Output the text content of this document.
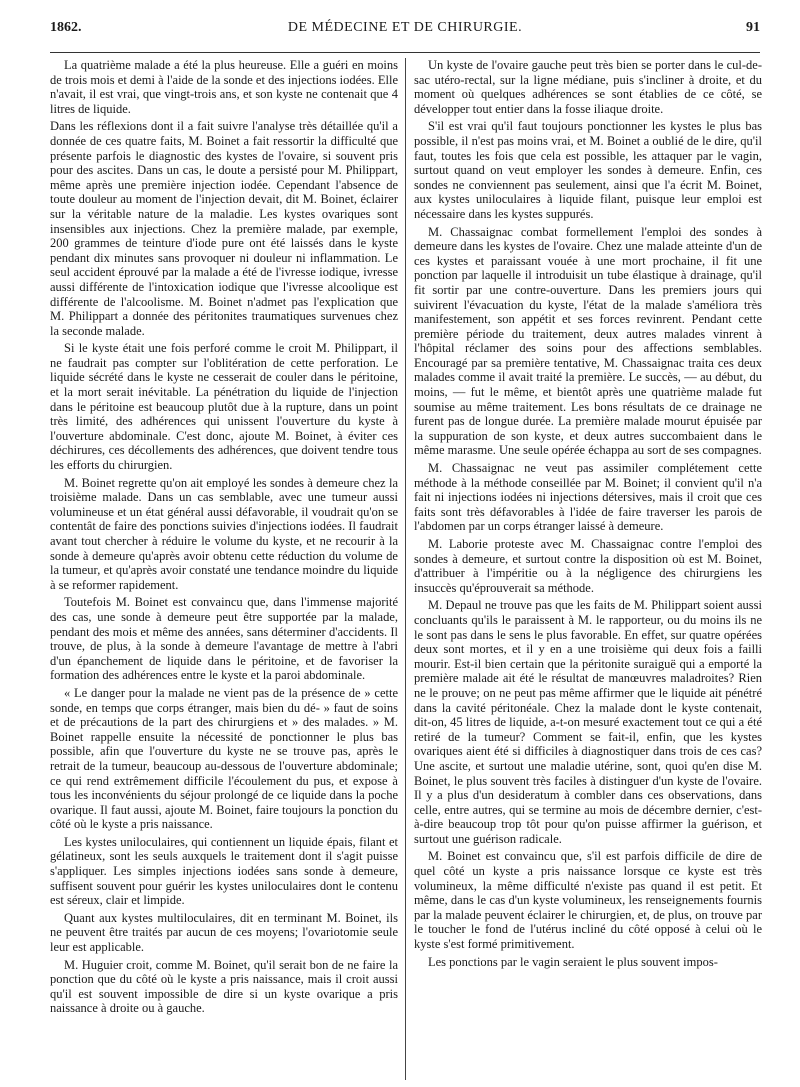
1862.	DE MÉDECINE ET DE CHIRURGIE.	91

La quatrième malade a été la plus heureuse. Elle a guéri en moins de trois mois et demi à l'aide de la sonde et des injections iodées. Elle n'avait, il est vrai, que vingt-trois ans, et son kyste ne contenait que 4 litres de liquide.

Dans les réflexions dont il a fait suivre l'analyse très détaillée qu'il a donnée de ces quatre faits, M. Boinet a fait ressortir la difficulté que présente parfois le diagnostic des kystes de l'ovaire, si souvent pris pour des ascites. Dans un cas, le doute a persisté pour M. Philippart, même après une première injection iodée. Cependant l'absence de toute douleur au moment de l'injection devait, dit M. Boinet, éclairer sur la véritable nature de la maladie. Les kystes ovariques sont insensibles aux injections. Chez la première malade, par exemple, 200 grammes de teinture d'iode pure ont été laissés dans le kyste pendant dix minutes sans provoquer ni douleur ni inflammation. Le seul accident éprouvé par la malade a été de l'ivresse iodique, ivresse aussi différente de l'intoxication iodique que l'ivresse alcoolique est différente de l'alcoolisme. M. Boinet n'admet pas l'explication que M. Philippart a donnée des péritonites traumatiques survenues chez la seconde malade.

Si le kyste était une fois perforé comme le croit M. Philippart, il ne faudrait pas compter sur l'oblitération de cette perforation. Le liquide sécrété dans le kyste ne cesserait de couler dans le péritoine, et la mort serait inévitable. La pénétration du liquide de l'injection dans le péritoine est beaucoup plutôt due à la rupture, dans un point très limité, des adhérences qui unissent l'ouverture du kyste à l'ouverture abdominale. C'est donc, ajoute M. Boinet, à éviter ces déchirures, ces décollements des adhérences, que doivent tendre tous les efforts du chirurgien.

M. Boinet regrette qu'on ait employé les sondes à demeure chez la troisième malade. Dans un cas semblable, avec une tumeur aussi volumineuse et un état général aussi défavorable, il voudrait qu'on se contentât de faire des ponctions suivies d'injections iodées. Il faudrait avant tout chercher à réduire le volume du kyste, et ne recourir à la sonde à demeure qu'après avoir obtenu cette réduction du volume de la tumeur, et qu'après avoir constaté une tendance moindre du liquide à se reformer rapidement.

Toutefois M. Boinet est convaincu que, dans l'immense majorité des cas, une sonde à demeure peut être supportée par la malade, pendant des mois et même des années, sans déterminer d'accidents. Il trouve, de plus, à la sonde à demeure l'avantage de mettre à l'abri d'un épanchement de liquide dans le péritoine, et de favoriser la formation des adhérences entre le kyste et la paroi abdominale.

« Le danger pour la malade ne vient pas de la présence de » cette sonde, en temps que corps étranger, mais bien du dé- » faut de soins et de précautions de la part des chirurgiens et » des malades. » M. Boinet rappelle ensuite la nécessité de ponctionner le plus bas possible, afin que l'ouverture du kyste ne se trouve pas, après le retrait de la tumeur, beaucoup au-dessous de l'ouverture abdominale; ce qui rend extrêmement difficile l'écoulement du pus, et expose à tous les inconvénients du séjour prolongé de ce liquide dans la poche ovarique. Il faut aussi, ajoute M. Boinet, faire toujours la ponction du côté où le kyste a pris naissance.

Les kystes uniloculaires, qui contiennent un liquide épais, filant et gélatineux, sont les seuls auxquels le traitement dont il s'agit puisse s'appliquer. Les simples injections iodées sans sonde à demeure, suffisent souvent pour guérir les kystes uniloculaires dont le contenu est séreux, clair et limpide.

Quant aux kystes multiloculaires, dit en terminant M. Boinet, ils ne peuvent être traités par aucun de ces moyens; l'ovariotomie seule leur est applicable.

M. Huguier croit, comme M. Boinet, qu'il serait bon de ne faire la ponction que du côté où le kyste a pris naissance, mais il croit aussi qu'il est souvent impossible de dire si un kyste ovarique a pris naissance à droite ou à gauche.

Un kyste de l'ovaire gauche peut très bien se porter dans le cul-de-sac utéro-rectal, sur la ligne médiane, puis s'incliner à droite, et du moment où quelques adhérences se sont établies de ce côté, se développer tout entier dans la fosse iliaque droite.

S'il est vrai qu'il faut toujours ponctionner les kystes le plus bas possible, il n'est pas moins vrai, et M. Boinet a oublié de le dire, qu'il faut, toutes les fois que cela est possible, les attaquer par le vagin, surtout quand on veut employer les sondes à demeure. Enfin, ces sondes ne conviennent pas seulement, ainsi que l'a écrit M. Boinet, aux kystes uniloculaires à liquide filant, puisque leur emploi est nécessaire dans les kystes suppurés.

M. Chassaignac combat formellement l'emploi des sondes à demeure dans les kystes de l'ovaire. Chez une malade atteinte d'un de ces kystes et paraissant vouée à une mort prochaine, il fit une ponction par laquelle il introduisit un tube élastique à drainage, qu'il fit sortir par une contre-ouverture. Dans les premiers jours qui suivirent l'évacuation du kyste, l'état de la malade s'améliora très manifestement, son appétit et ses forces revinrent. Pendant cette première période du traitement, deux autres malades vinrent à l'hôpital réclamer des soins pour des affections semblables. Encouragé par sa première tentative, M. Chassaignac traita ces deux malades comme il avait traité la première. Le succès, — au début, du moins, — fut le même, et bientôt après une quatrième malade fut soumise au même traitement. Les bons résultats de ce drainage ne furent pas de longue durée. La première malade mourut épuisée par la suppuration de son kyste, et deux autres succombaient dans le même marasme. Une seule opérée échappa au sort de ses compagnes.

M. Chassaignac ne veut pas assimiler complétement cette méthode à la méthode conseillée par M. Boinet; il convient qu'il n'a fait ni injections iodées ni injections détersives, mais il croit que ces faits sont très défavorables à l'idée de faire traverser les parois de l'abdomen par un corps étranger laissé à demeure.

M. Laborie proteste avec M. Chassaignac contre l'emploi des sondes à demeure, et surtout contre la disposition où est M. Boinet, d'attribuer à l'impéritie ou à la négligence des chirurgiens les insuccès qu'éprouverait sa méthode.

M. Depaul ne trouve pas que les faits de M. Philippart soient aussi concluants qu'ils le paraissent à M. le rapporteur, ou du moins ils ne le sont pas dans le sens le plus favorable. En effet, sur quatre opérées deux sont mortes, et il y en a une troisième qui deux fois a failli mourir. Est-il bien certain que la péritonite suraiguë qui a emporté la première malade ait été le résultat de manœuvres maladroites? Rien ne le prouve; on ne peut pas même affirmer que le liquide ait pénétré dans la cavité péritonéale. Chez la malade dont le kyste contenait, dit-on, 45 litres de liquide, a-t-on mesuré exactement tout ce qui a été retiré de la tumeur? Comment se fait-il, enfin, que les kystes ovariques aient été si difficiles à diagnostiquer dans trois de ces cas? Une ascite, et surtout une maladie utérine, sont, quoi qu'en dise M. Boinet, le plus souvent très faciles à distinguer d'un kyste de l'ovaire. Il y a plus d'un desideratum à combler dans ces observations, dans celle, entre autres, qui se termine au mois de décembre dernier, c'est-à-dire beaucoup trop tôt pour qu'on puisse affirmer la guérison, et surtout une guérison radicale.

M. Boinet est convaincu que, s'il est parfois difficile de dire de quel côté un kyste a pris naissance lorsque ce kyste est très volumineux, la même difficulté n'existe pas quand il est petit. Et même, dans le cas d'un kyste volumineux, les renseignements fournis par la malade peuvent éclairer le chirurgien, et, de plus, on trouve par le toucher le fond de l'utérus incliné du côté opposé à celui où le kyste s'est formé primitivement.

Les ponctions par le vagin seraient le plus souvent impos-
